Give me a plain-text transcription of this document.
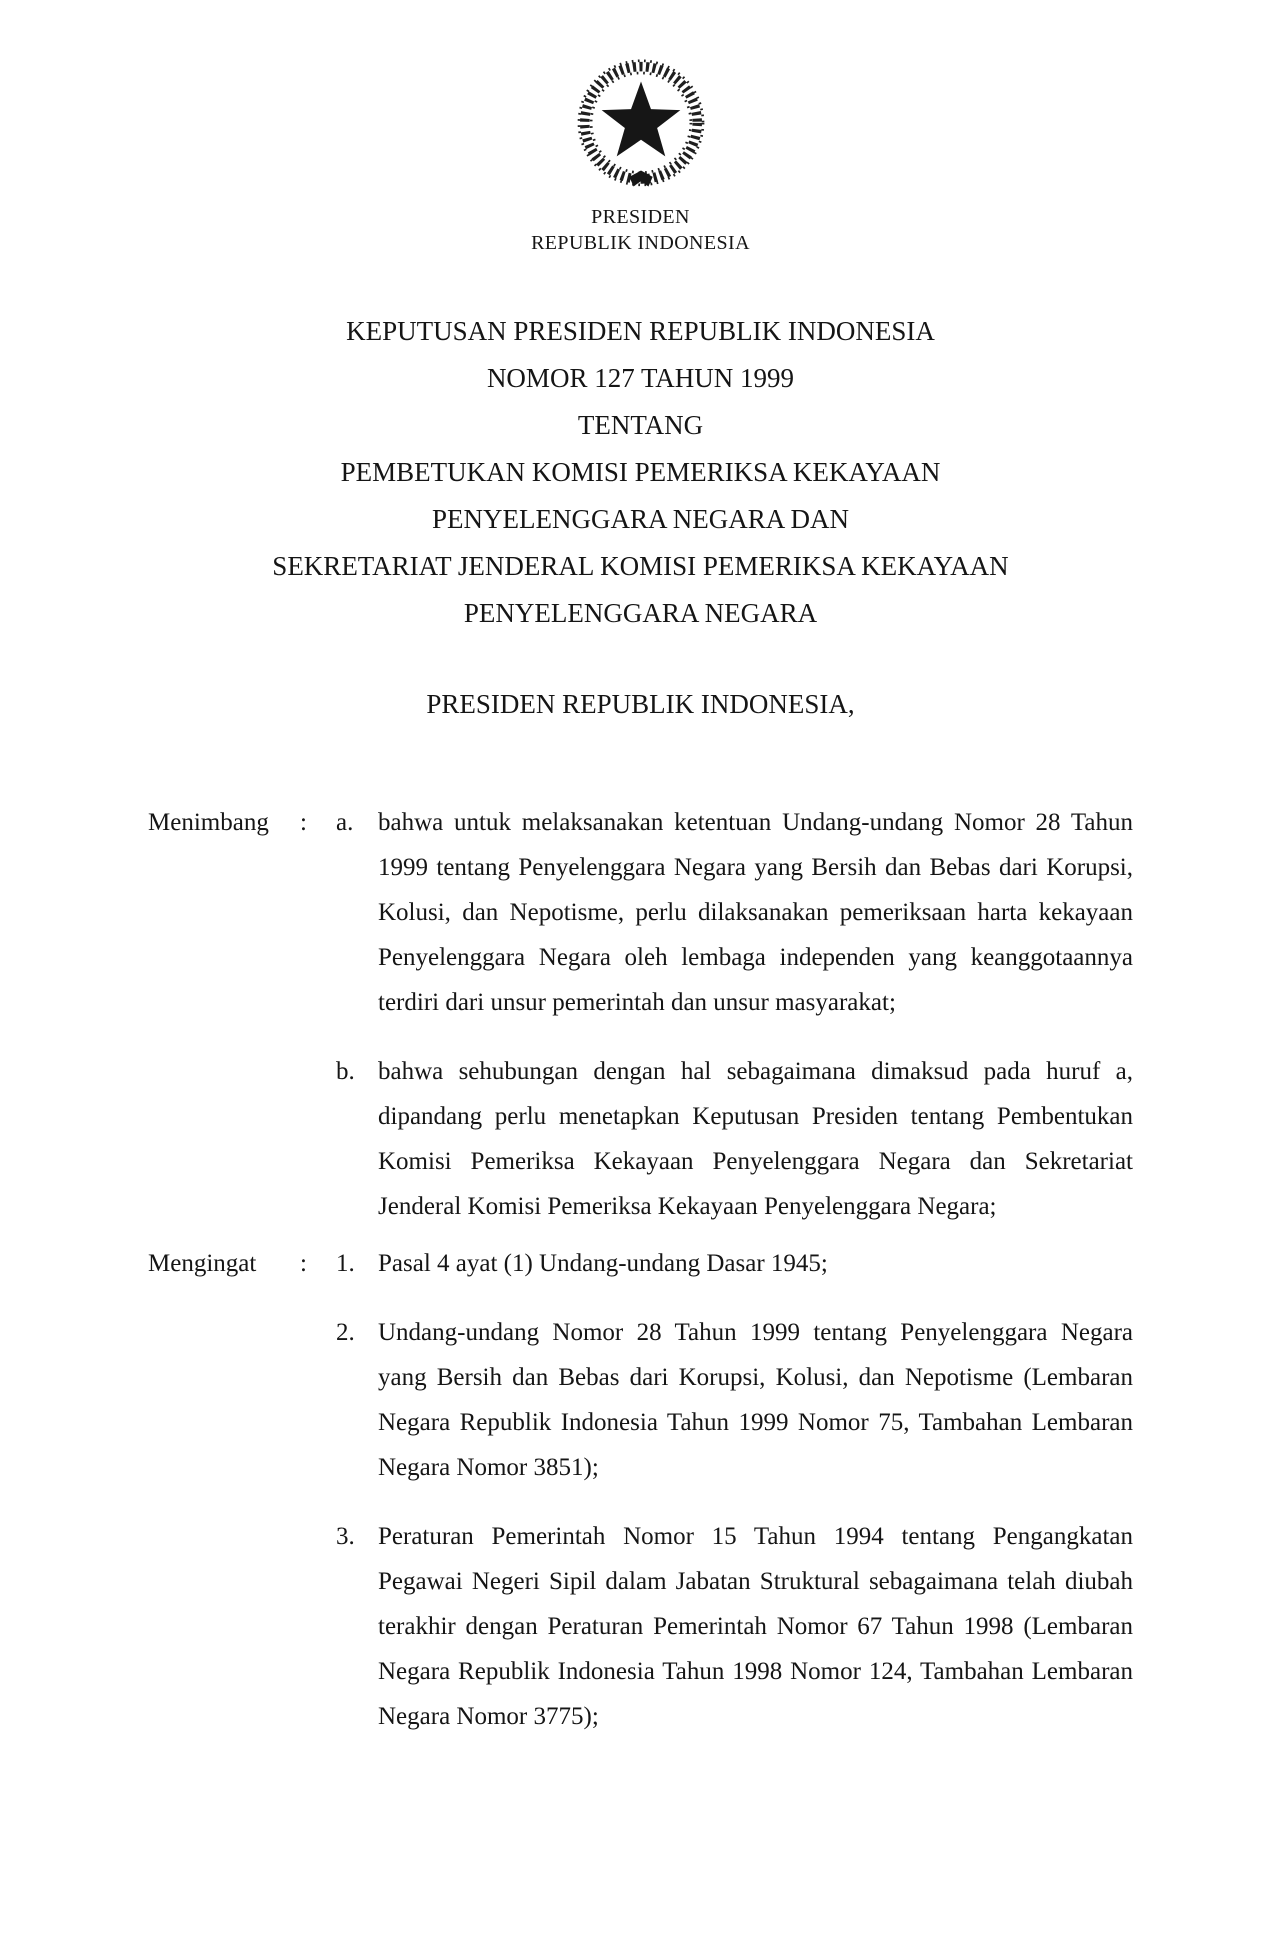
PRESIDEN
REPUBLIK INDONESIA
KEPUTUSAN PRESIDEN REPUBLIK INDONESIA
NOMOR 127 TAHUN 1999
TENTANG
PEMBETUKAN KOMISI PEMERIKSA KEKAYAAN
PENYELENGGARA NEGARA DAN
SEKRETARIAT JENDERAL KOMISI PEMERIKSA KEKAYAAN
PENYELENGGARA NEGARA
PRESIDEN REPUBLIK INDONESIA,
Menimbang	:	a. bahwa untuk melaksanakan ketentuan Undang-undang Nomor 28 Tahun 1999 tentang Penyelenggara Negara yang Bersih dan Bebas dari Korupsi, Kolusi, dan Nepotisme, perlu dilaksanakan pemeriksaan harta kekayaan Penyelenggara Negara oleh lembaga independen yang keanggotaannya terdiri dari unsur pemerintah dan unsur masyarakat;
b. bahwa sehubungan dengan hal sebagaimana dimaksud pada huruf a, dipandang perlu menetapkan Keputusan Presiden tentang Pembentukan Komisi Pemeriksa Kekayaan Penyelenggara Negara dan Sekretariat Jenderal Komisi Pemeriksa Kekayaan Penyelenggara Negara;
Mengingat	:	1. Pasal 4 ayat (1) Undang-undang Dasar 1945;
2. Undang-undang Nomor 28 Tahun 1999 tentang Penyelenggara Negara yang Bersih dan Bebas dari Korupsi, Kolusi, dan Nepotisme (Lembaran Negara Republik Indonesia Tahun 1999 Nomor 75, Tambahan Lembaran Negara Nomor 3851);
3. Peraturan Pemerintah Nomor 15 Tahun 1994 tentang Pengangkatan Pegawai Negeri Sipil dalam Jabatan Struktural sebagaimana telah diubah terakhir dengan Peraturan Pemerintah Nomor 67 Tahun 1998 (Lembaran Negara Republik Indonesia Tahun 1998 Nomor 124, Tambahan Lembaran Negara Nomor 3775);
